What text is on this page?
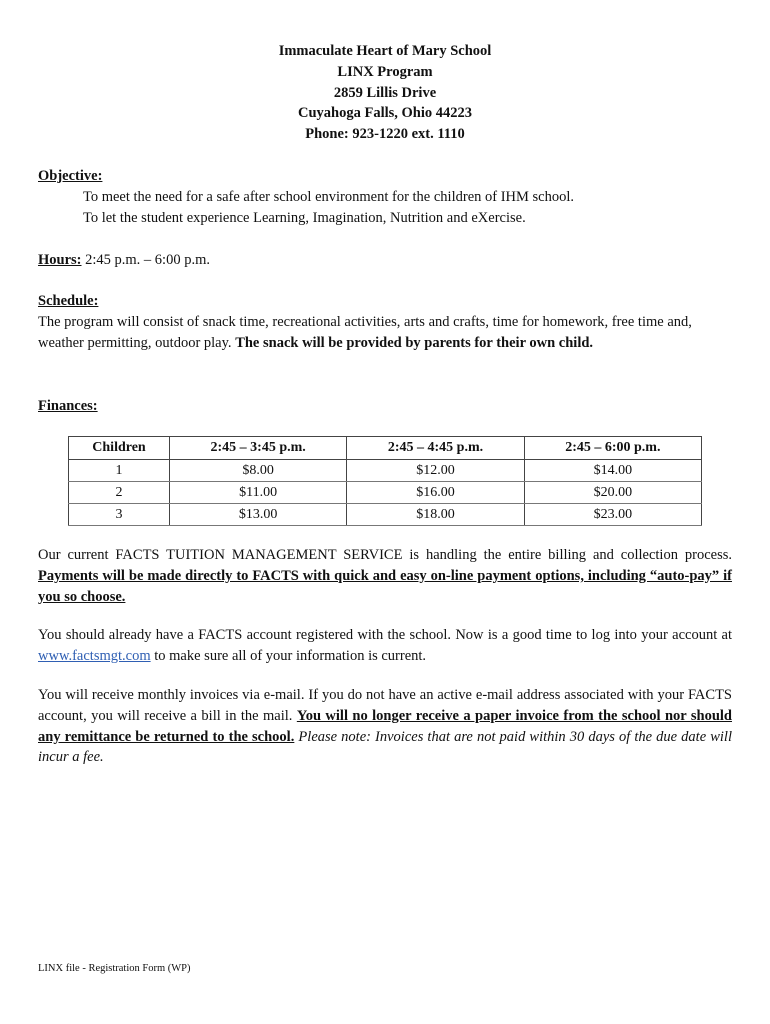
Immaculate Heart of Mary School
LINX Program
2859 Lillis Drive
Cuyahoga Falls, Ohio 44223
Phone: 923-1220 ext. 1110
Objective:
To meet the need for a safe after school environment for the children of IHM school.
To let the student experience Learning, Imagination, Nutrition and eXercise.
Hours: 2:45 p.m. – 6:00 p.m.
Schedule:
The program will consist of snack time, recreational activities, arts and crafts, time for homework, free time and, weather permitting, outdoor play. The snack will be provided by parents for their own child.
Finances:
Children	2:45 – 3:45 p.m.	2:45 – 4:45 p.m.	2:45 – 6:00 p.m.
1	$8.00	$12.00	$14.00
2	$11.00	$16.00	$20.00
3	$13.00	$18.00	$23.00
Our current FACTS TUITION MANAGEMENT SERVICE is handling the entire billing and collection process. Payments will be made directly to FACTS with quick and easy on-line payment options, including “auto-pay” if you so choose.
You should already have a FACTS account registered with the school. Now is a good time to log into your account at www.factsmgt.com to make sure all of your information is current.
You will receive monthly invoices via e-mail. If you do not have an active e-mail address associated with your FACTS account, you will receive a bill in the mail. You will no longer receive a paper invoice from the school nor should any remittance be returned to the school. Please note: Invoices that are not paid within 30 days of the due date will incur a fee.
LINX file - Registration Form (WP)
